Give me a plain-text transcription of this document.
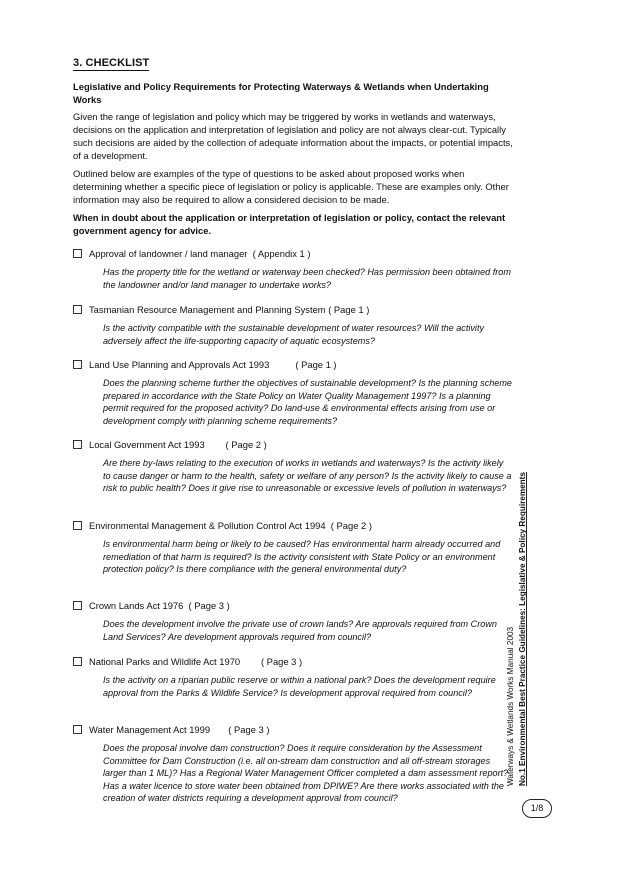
3. CHECKLIST
Legislative and Policy Requirements for Protecting Waterways & Wetlands when Undertaking Works
Given the range of legislation and policy which may be triggered by works in wetlands and waterways, decisions on the application and interpretation of legislation and policy are not always clear-cut. Typically such decisions are aided by the collection of adequate information about the impacts, or potential impacts, of a development.
Outlined below are examples of the type of questions to be asked about proposed works when determining whether a specific piece of legislation or policy is applicable. These are examples only. Other information may also be required to allow a considered decision to be made.
When in doubt about the application or interpretation of legislation or policy, contact the relevant government agency for advice.
Approval of landowner / land manager  ( Appendix 1 )
Has the property title for the wetland or waterway been checked? Has permission been obtained from the landowner and/or land manager to undertake works?
Tasmanian Resource Management and Planning System ( Page 1 )
Is the activity compatible with the sustainable development of water resources? Will the activity adversely affect the life-supporting capacity of aquatic ecosystems?
Land Use Planning and Approvals Act 1993          ( Page 1 )
Does the planning scheme further the objectives of sustainable development? Is the planning scheme prepared in accordance with the State Policy on Water Quality Management 1997? Is a planning permit required for the proposed activity? Do land-use & environmental effects arising from use or development comply with planning scheme requirements?
Local Government Act 1993        ( Page 2 )
Are there by-laws relating to the execution of works in wetlands and waterways? Is the activity likely to cause danger or harm to the health, safety or welfare of any person? Is the activity likely to cause a risk to public health? Does it give rise to unreasonable or excessive levels of pollution in waterways?
Environmental Management & Pollution Control Act 1994  ( Page 2 )
Is environmental harm being or likely to be caused? Has environmental harm already occurred and remediation of that harm is required? Is the activity consistent with State Policy or an environment protection policy? Is there compliance with the general environmental duty?
Crown Lands Act 1976  ( Page 3 )
Does the development involve the private use of crown lands? Are approvals required from Crown Land Services? Are development approvals required from council?
National Parks and Wildlife Act 1970        ( Page 3 )
Is the activity on a riparian public reserve or within a national park? Does the development require approval from the Parks & Wildlife Service? Is development approval required from council?
Water Management Act 1999       ( Page 3 )
Does the proposal involve dam construction? Does it require consideration by the Assessment Committee for Dam Construction (i.e. all on-stream dam construction and all off-stream storages larger than 1 ML)? Has a Regional Water Management Officer completed a dam assessment report? Has a water licence to store water been obtained from DPIWE? Are there works associated with the creation of water districts requiring a development approval from council?
Waterways & Wetlands Works Manual 2003 No.1 Environmental Best Practice Guidelines: Legislative & Policy Requirements
1/8
